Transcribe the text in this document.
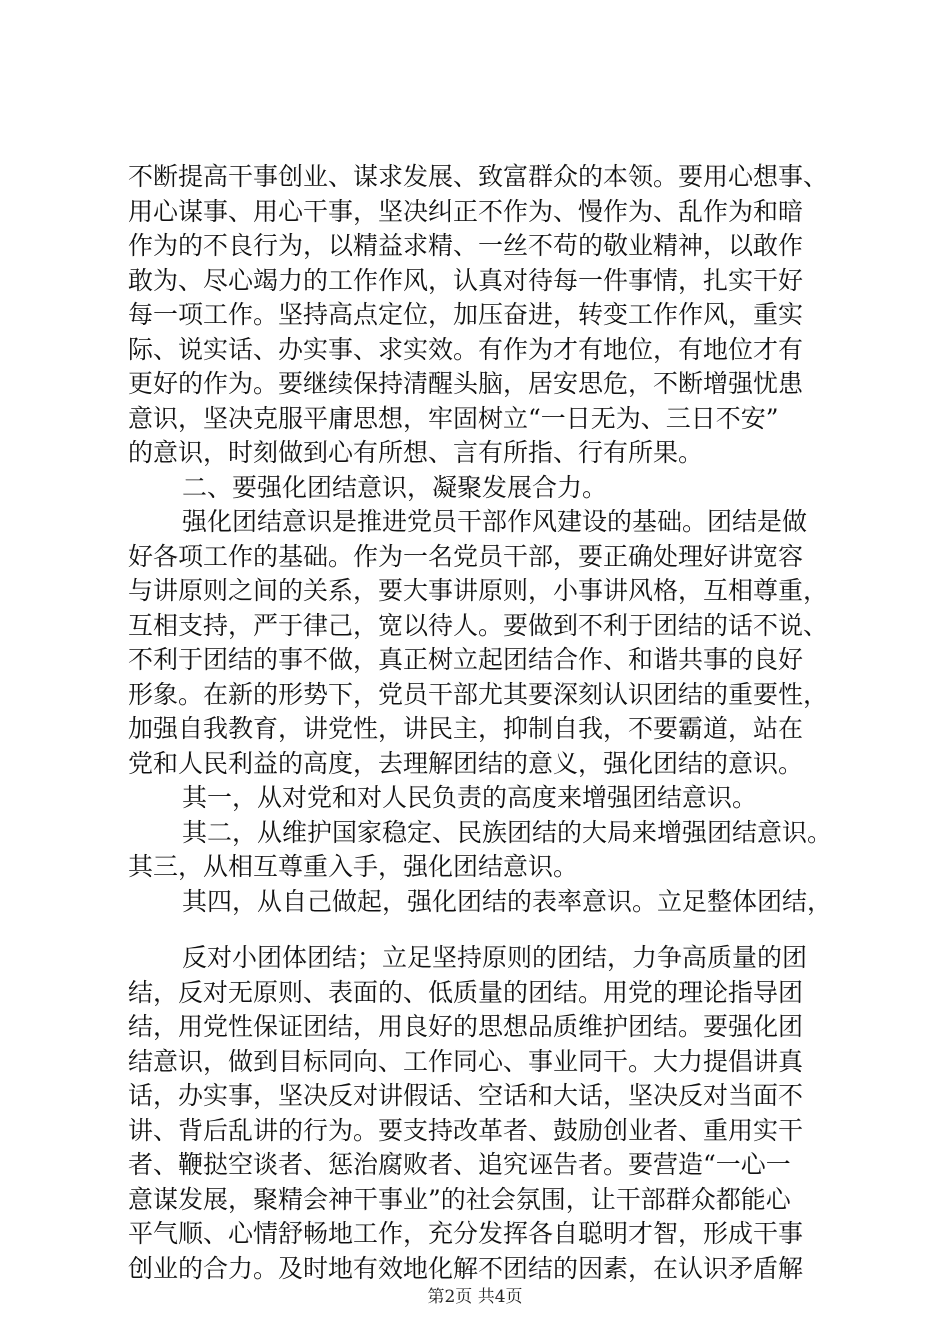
不断提高干事创业、谋求发展、致富群众的本领。要用心想事、
用心谋事、用心干事，坚决纠正不作为、慢作为、乱作为和暗
作为的不良行为，以精益求精、一丝不苟的敬业精神，以敢作
敢为、尽心竭力的工作作风，认真对待每一件事情，扎实干好
每一项工作。坚持高点定位，加压奋进，转变工作作风，重实
际、说实话、办实事、求实效。有作为才有地位，有地位才有
更好的作为。要继续保持清醒头脑，居安思危，不断增强忧患
意识，坚决克服平庸思想，牢固树立“一日无为、三日不安”
的意识，时刻做到心有所想、言有所指、行有所果。
二、要强化团结意识，凝聚发展合力。
强化团结意识是推进党员干部作风建设的基础。团结是做
好各项工作的基础。作为一名党员干部，要正确处理好讲宽容
与讲原则之间的关系，要大事讲原则，小事讲风格，互相尊重，
互相支持，严于律己，宽以待人。要做到不利于团结的话不说、
不利于团结的事不做，真正树立起团结合作、和谐共事的良好
形象。在新的形势下，党员干部尤其要深刻认识团结的重要性，
加强自我教育，讲党性，讲民主，抑制自我，不要霸道，站在
党和人民利益的高度，去理解团结的意义，强化团结的意识。
其一，从对党和对人民负责的高度来增强团结意识。
其二，从维护国家稳定、民族团结的大局来增强团结意识。
其三，从相互尊重入手，强化团结意识。
其四，从自己做起，强化团结的表率意识。立足整体团结，
反对小团体团结；立足坚持原则的团结，力争高质量的团
结，反对无原则、表面的、低质量的团结。用党的理论指导团
结，用党性保证团结，用良好的思想品质维护团结。要强化团
结意识，做到目标同向、工作同心、事业同干。大力提倡讲真
话，办实事，坚决反对讲假话、空话和大话，坚决反对当面不
讲、背后乱讲的行为。要支持改革者、鼓励创业者、重用实干
者、鞭挞空谈者、惩治腐败者、追究诬告者。要营造“一心一
意谋发展，聚精会神干事业”的社会氛围，让干部群众都能心
平气顺、心情舒畅地工作，充分发挥各自聪明才智，形成干事
创业的合力。及时地有效地化解不团结的因素，在认识矛盾解
第2页 共4页
